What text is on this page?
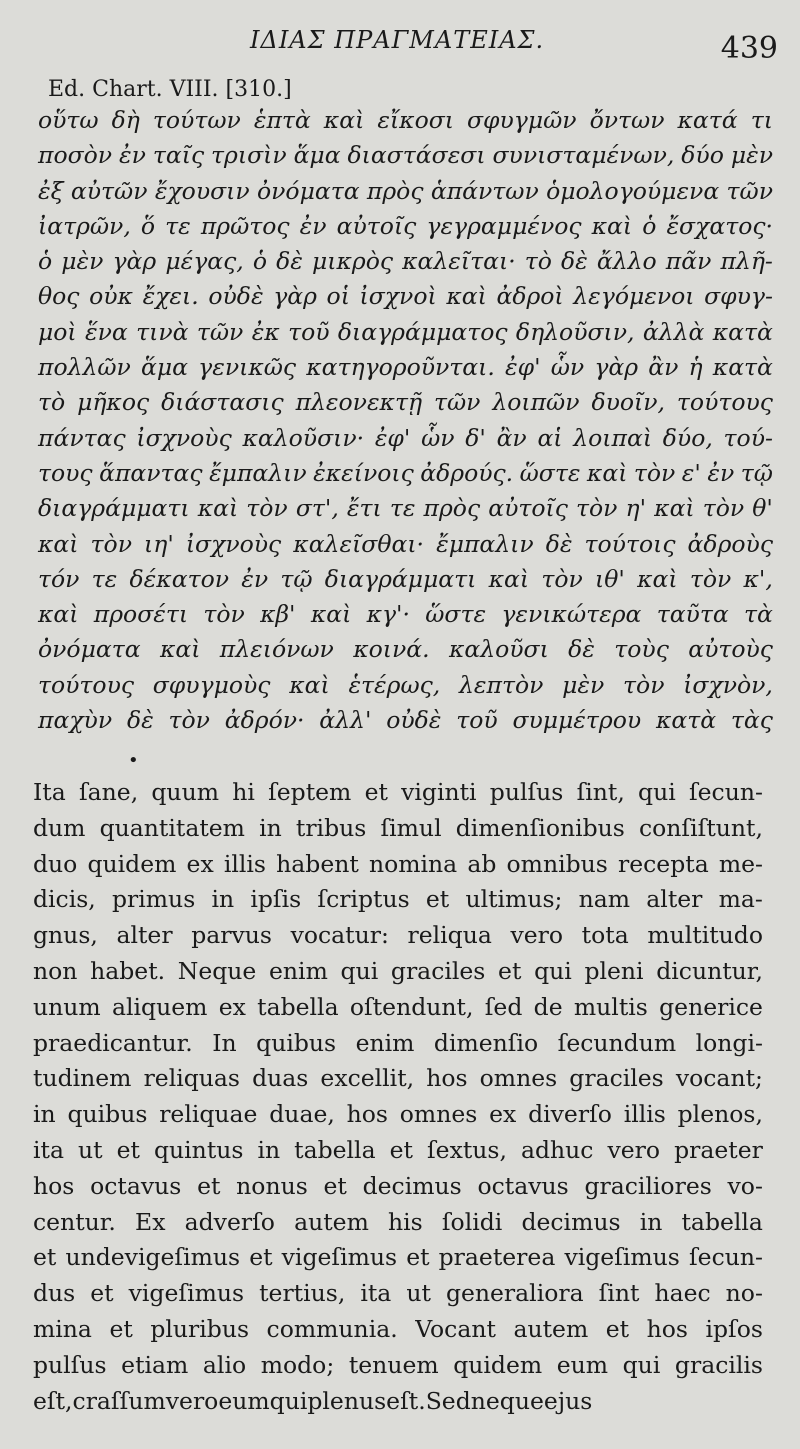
ΙΔΙΑΣ ΠΡΑΓΜΑΤΕΙΑΣ.	439
Ed. Chart. VIII. [310.]
οὕτω δὴ τούτων ἑπτὰ καὶ εἴκοσι σφυγμῶν ὄντων κατά τι
ποσὸν ἐν ταῖς τρισὶν ἅμα διαστάσεσι συνισταμένων, δύο μὲν
ἐξ αὐτῶν ἔχουσιν ὀνόματα πρὸς ἁπάντων ὁμολογούμενα τῶν
ἰατρῶν, ὅ τε πρῶτος ἐν αὐτοῖς γεγραμμένος καὶ ὁ ἔσχατος·
ὁ μὲν γὰρ μέγας, ὁ δὲ μικρὸς καλεῖται· τὸ δὲ ἄλλο πᾶν πλῆ-
θος οὐκ ἔχει. οὐδὲ γὰρ οἱ ἰσχνοὶ καὶ ἀδροὶ λεγόμενοι σφυγ-
μοὶ ἕνα τινὰ τῶν ἐκ τοῦ διαγράμματος δηλοῦσιν, ἀλλὰ κατὰ
πολλῶν ἅμα γενικῶς κατηγοροῦνται. ἐφ' ὧν γὰρ ἂν ἡ κατὰ
τὸ μῆκος διάστασις πλεονεκτῇ τῶν λοιπῶν δυοῖν, τούτους
πάντας ἰσχνοὺς καλοῦσιν· ἐφ' ὧν δ' ἂν αἱ λοιπαὶ δύο, τού-
τους ἅπαντας ἔμπαλιν ἐκείνοις ἀδρούς. ὥστε καὶ τὸν ε' ἐν τῷ
διαγράμματι καὶ τὸν στ', ἔτι τε πρὸς αὐτοῖς τὸν η' καὶ τὸν θ'
καὶ τὸν ιη' ἰσχνοὺς καλεῖσθαι· ἔμπαλιν δὲ τούτοις ἀδροὺς
τόν τε δέκατον ἐν τῷ διαγράμματι καὶ τὸν ιθ' καὶ τὸν κ',
καὶ προσέτι τὸν κβ' καὶ κγ'· ὥστε γενικώτερα ταῦτα τὰ
ὀνόματα καὶ πλειόνων κοινά. καλοῦσι δὲ τοὺς αὐτοὺς
τούτους σφυγμοὺς καὶ ἑτέρως, λεπτὸν μὲν τὸν ἰσχνὸν,
παχὺν δὲ τὸν ἀδρόν· ἀλλ' οὐδὲ τοῦ συμμέτρου κατὰ τὰς
•
Ita ſane, quum hi ſeptem et viginti pulſus ſint, qui ſecun-
dum quantitatem in tribus ſimul dimenſionibus conſiſtunt,
duo quidem ex illis habent nomina ab omnibus recepta me-
dicis, primus in ipſis ſcriptus et ultimus; nam alter ma-
gnus, alter parvus vocatur: reliqua vero tota multitudo
non habet. Neque enim qui graciles et qui pleni dicuntur,
unum aliquem ex tabella oſtendunt, ſed de multis generice
praedicantur. In quibus enim dimenſio ſecundum longi-
tudinem reliquas duas excellit, hos omnes graciles vocant;
in quibus reliquae duae, hos omnes ex diverſo illis plenos,
ita ut et quintus in tabella et ſextus, adhuc vero praeter
hos octavus et nonus et decimus octavus graciliores vo-
centur. Ex adverſo autem his ſolidi decimus in tabella
et undevigeſimus et vigeſimus et praeterea vigeſimus ſecun-
dus et vigeſimus tertius, ita ut generaliora ſint haec no-
mina et pluribus communia. Vocant autem et hos ipſos
pulſus etiam alio modo; tenuem quidem eum qui gracilis
eſt, craſſum vero eum qui plenus eſt. Sed neque ejus
